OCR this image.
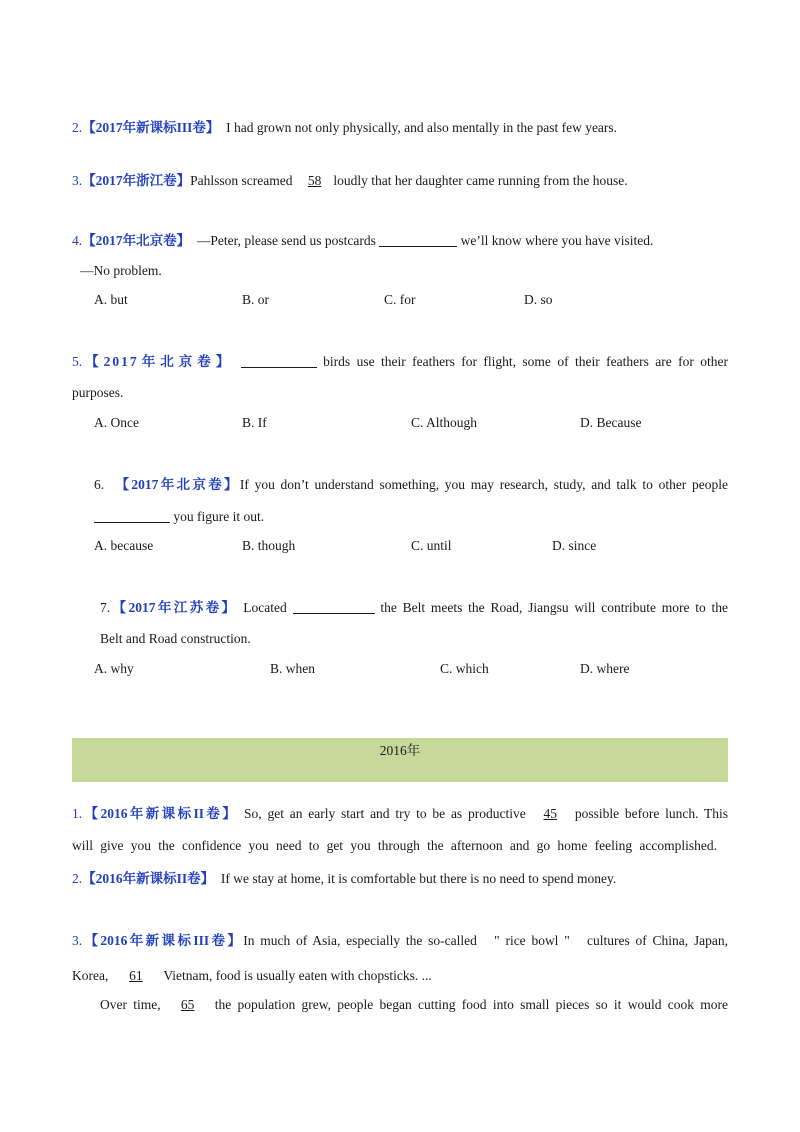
2.【2017年新课标III卷】 I had grown not only physically, and also mentally in the past few years.
3.【2017年浙江卷】Pahlsson screamed 58 loudly that her daughter came running from the house.
4.【2017年北京卷】 —Peter, please send us postcards	we’ll know where you have visited.
—No problem.
A. but	B. or	C. for	D. so
5.【2017年北京卷】	birds use their feathers for flight, some of their feathers are for other
purposes.
A. Once	B. If	C. Although	D. Because
6. 【2017年北京卷】If you don’t understand something, you may research, study, and talk to other people
you figure it out.
A. because	B. though	C. until	D. since
7.【2017年江苏卷】 Located	the Belt meets the Road, Jiangsu will contribute more to the
Belt and Road construction.
A. why	B. when	C. which	D. where
2016年
1.【2016年新课标II卷】 So, get an early start and try to be as productive 45 possible before lunch. This
will give you the confidence you need to get you through the afternoon and go home feeling accomplished.
2.【2016年新课标II卷】 If we stay at home, it is comfortable but there is no need to spend money.
3.【2016年新课标III卷】In much of Asia, especially the so-called   " rice bowl "   cultures of China, Japan,
Korea, 61 Vietnam, food is usually eaten with chopsticks. ...
Over time, 65 the population grew, people began cutting food into small pieces so it would cook more
